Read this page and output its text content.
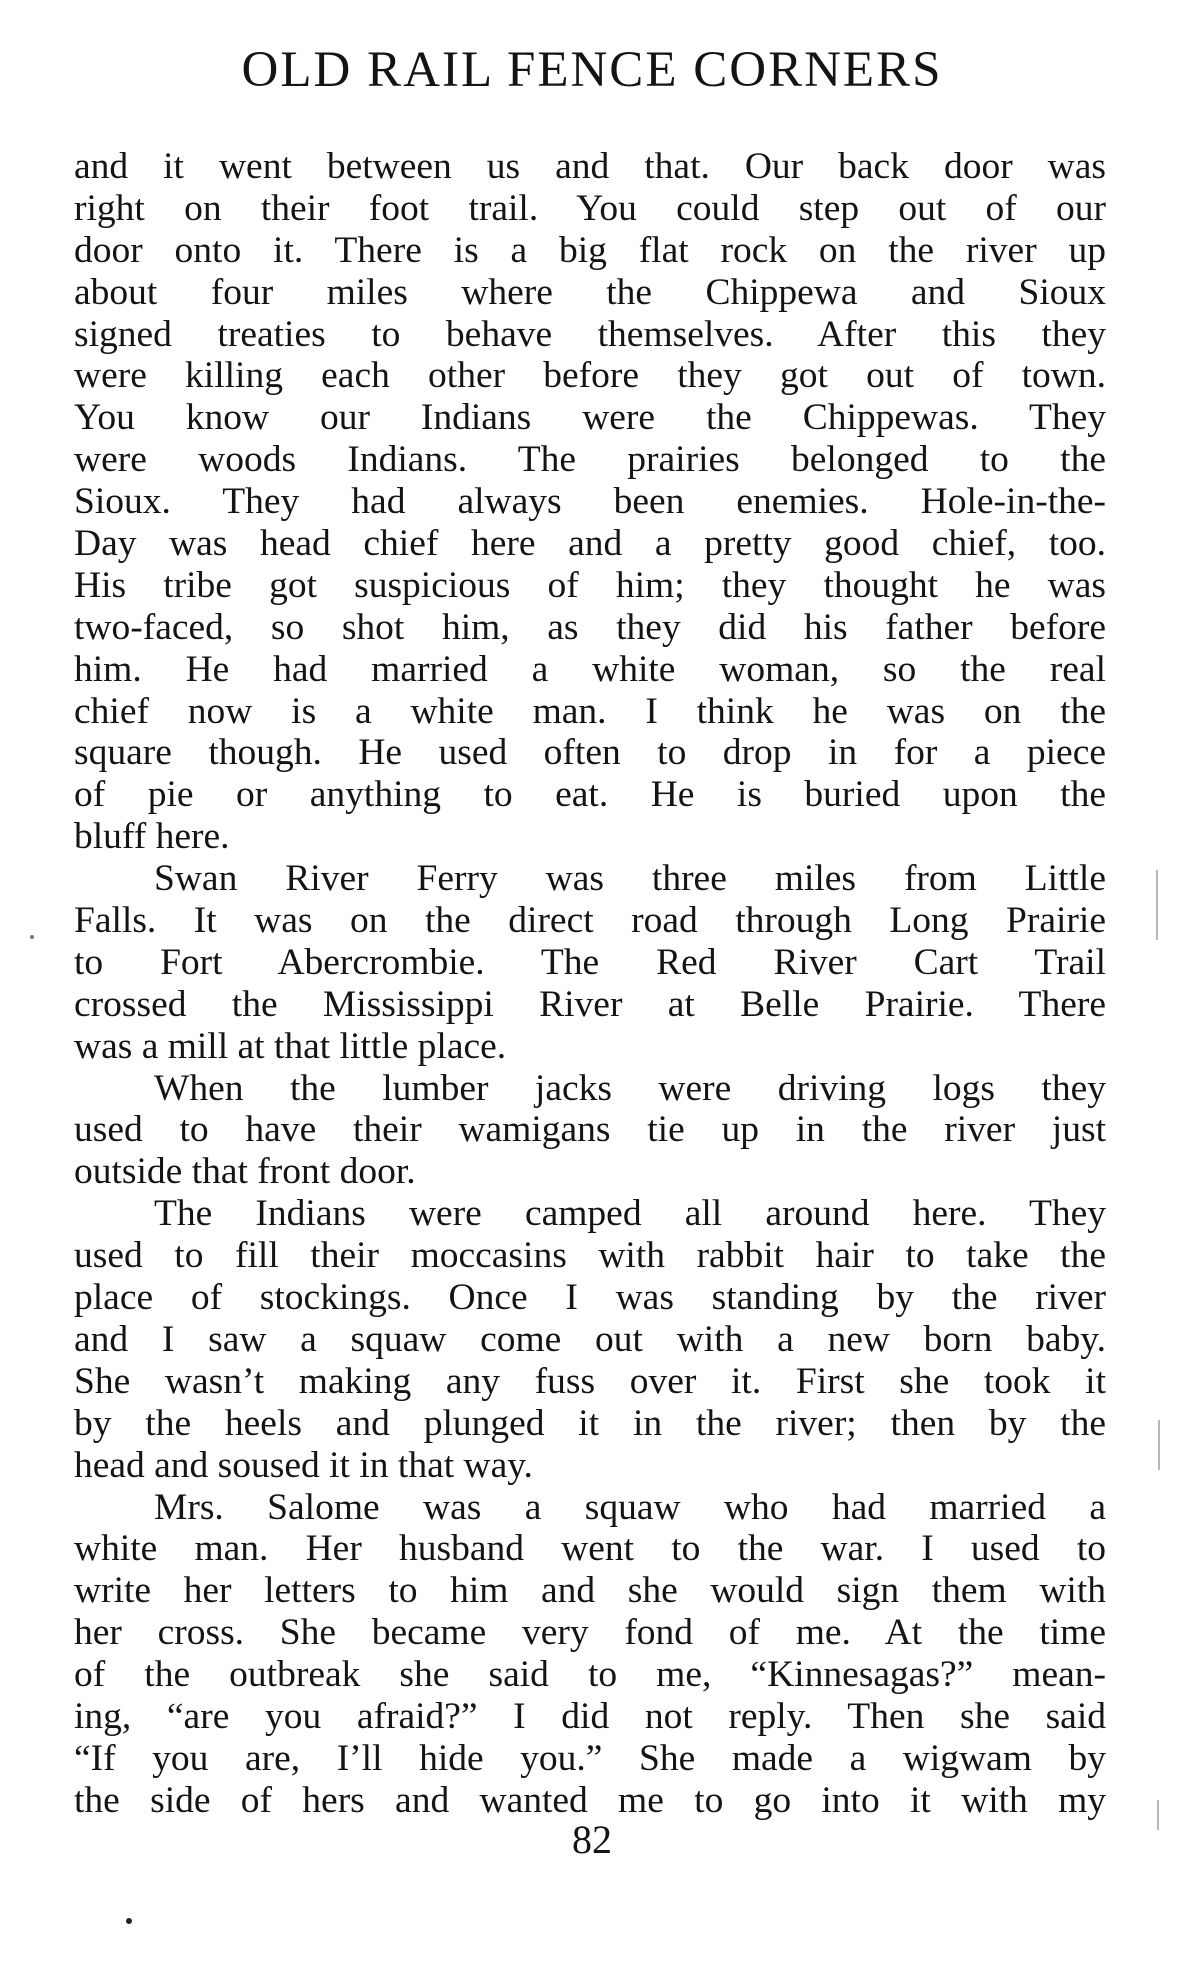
OLD RAIL FENCE CORNERS
and it went between us and that. Our back door was
right on their foot trail. You could step out of our
door onto it. There is a big flat rock on the river up
about four miles where the Chippewa and Sioux
signed treaties to behave themselves. After this they
were killing each other before they got out of town.
You know our Indians were the Chippewas. They
were woods Indians. The prairies belonged to the
Sioux. They had always been enemies. Hole-in-the-
Day was head chief here and a pretty good chief, too.
His tribe got suspicious of him; they thought he was
two-faced, so shot him, as they did his father before
him. He had married a white woman, so the real
chief now is a white man. I think he was on the
square though. He used often to drop in for a piece
of pie or anything to eat. He is buried upon the
bluff here.
Swan River Ferry was three miles from Little
Falls. It was on the direct road through Long Prairie
to Fort Abercrombie. The Red River Cart Trail
crossed the Mississippi River at Belle Prairie. There
was a mill at that little place.
When the lumber jacks were driving logs they
used to have their wamigans tie up in the river just
outside that front door.
The Indians were camped all around here. They
used to fill their moccasins with rabbit hair to take the
place of stockings. Once I was standing by the river
and I saw a squaw come out with a new born baby.
She wasn’t making any fuss over it. First she took it
by the heels and plunged it in the river; then by the
head and soused it in that way.
Mrs. Salome was a squaw who had married a
white man. Her husband went to the war. I used to
write her letters to him and she would sign them with
her cross. She became very fond of me. At the time
of the outbreak she said to me, “Kinnesagas?” mean-
ing, “are you afraid?” I did not reply. Then she said
“If you are, I’ll hide you.” She made a wigwam by
the side of hers and wanted me to go into it with my
82
